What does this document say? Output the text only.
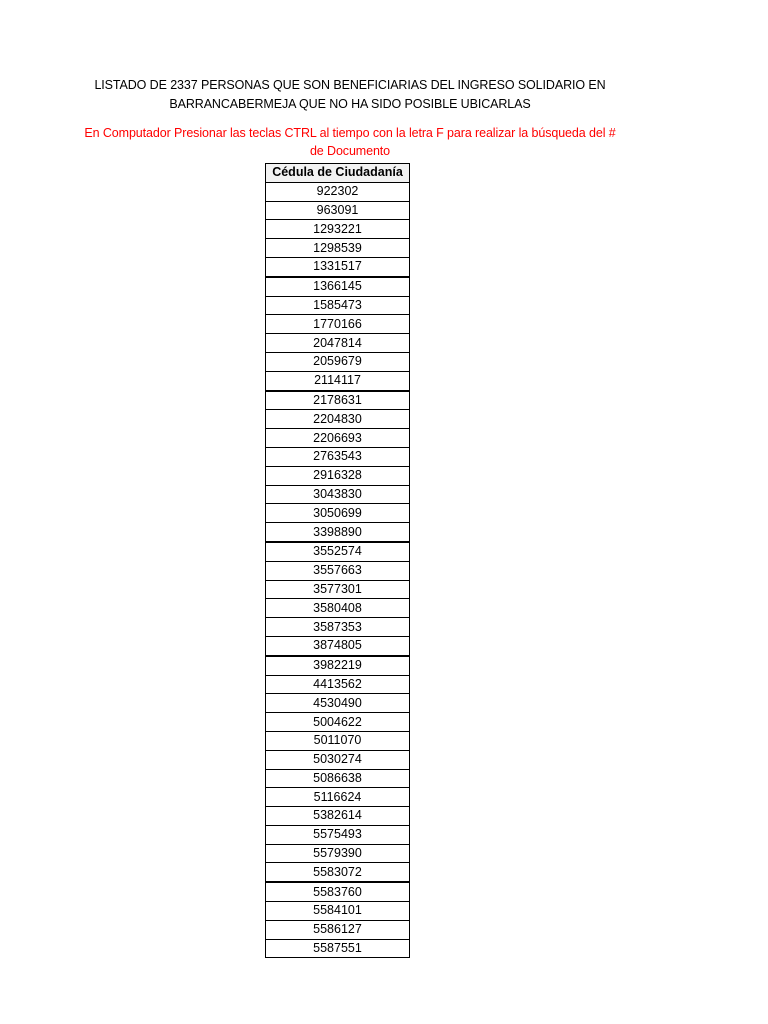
LISTADO DE 2337 PERSONAS QUE SON BENEFICIARIAS DEL INGRESO SOLIDARIO EN
BARRANCABERMEJA QUE NO HA SIDO POSIBLE UBICARLAS
En Computador Presionar las teclas CTRL al tiempo con la letra F para realizar la búsqueda del #
de Documento
Cédula de Ciudadanía
922302
963091
1293221
1298539
1331517
1366145
1585473
1770166
2047814
2059679
2114117
2178631
2204830
2206693
2763543
2916328
3043830
3050699
3398890
3552574
3557663
3577301
3580408
3587353
3874805
3982219
4413562
4530490
5004622
5011070
5030274
5086638
5116624
5382614
5575493
5579390
5583072
5583760
5584101
5586127
5587551
